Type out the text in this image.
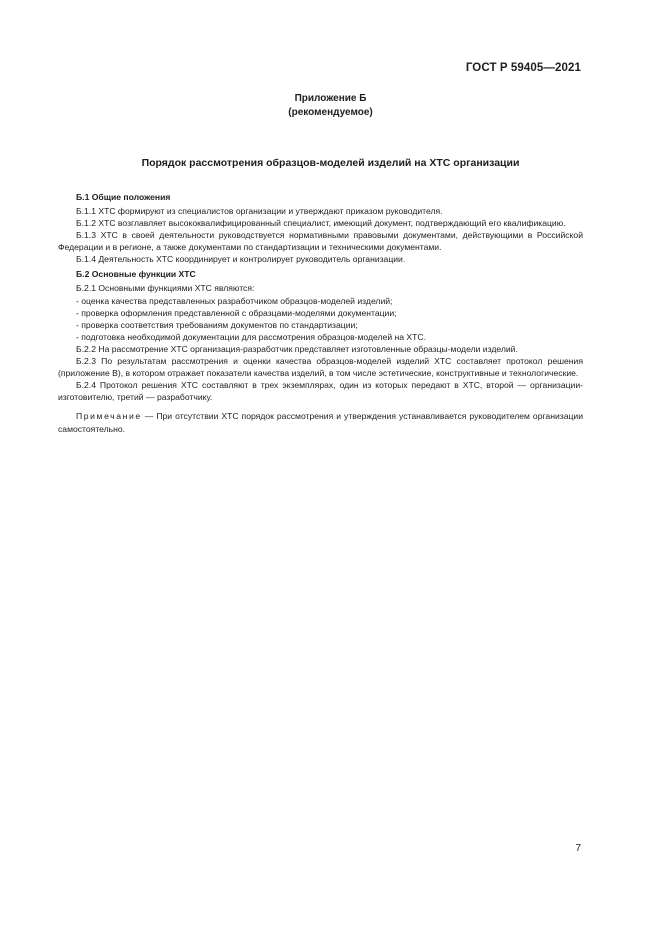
ГОСТ Р 59405—2021
Приложение Б
(рекомендуемое)
Порядок рассмотрения образцов-моделей изделий на ХТС организации

Б.1 Общие положения

Б.1.1 ХТС формируют из специалистов организации и утверждают приказом руководителя.

Б.1.2 ХТС возглавляет высококвалифицированный специалист, имеющий документ, подтверждающий его квалификацию.

Б.1.3 ХТС в своей деятельности руководствуется нормативными правовыми документами, действующими в Российской Федерации и в регионе, а также документами по стандартизации и техническими документами.

Б.1.4 Деятельность ХТС координирует и контролирует руководитель организации.

Б.2 Основные функции ХТС

Б.2.1 Основными функциями ХТС являются:

- оценка качества представленных разработчиком образцов-моделей изделий;

- проверка оформления представленной с образцами-моделями документации;

- проверка соответствия требованиям документов по стандартизации;

- подготовка необходимой документации для рассмотрения образцов-моделей на ХТС.

Б.2.2 На рассмотрение ХТС организация-разработчик представляет изготовленные образцы-модели изделий.

Б.2.3 По результатам рассмотрения и оценки качества образцов-моделей изделий ХТС составляет протокол решения (приложение В), в котором отражает показатели качества изделий, в том числе эстетические, конструктивные и технологические.

Б.2.4 Протокол решения ХТС составляют в трех экземплярах, один из которых передают в ХТС, второй — организации-изготовителю, третий — разработчику.

Примечание — При отсутствии ХТС порядок рассмотрения и утверждения устанавливается руководителем организации самостоятельно.

7
